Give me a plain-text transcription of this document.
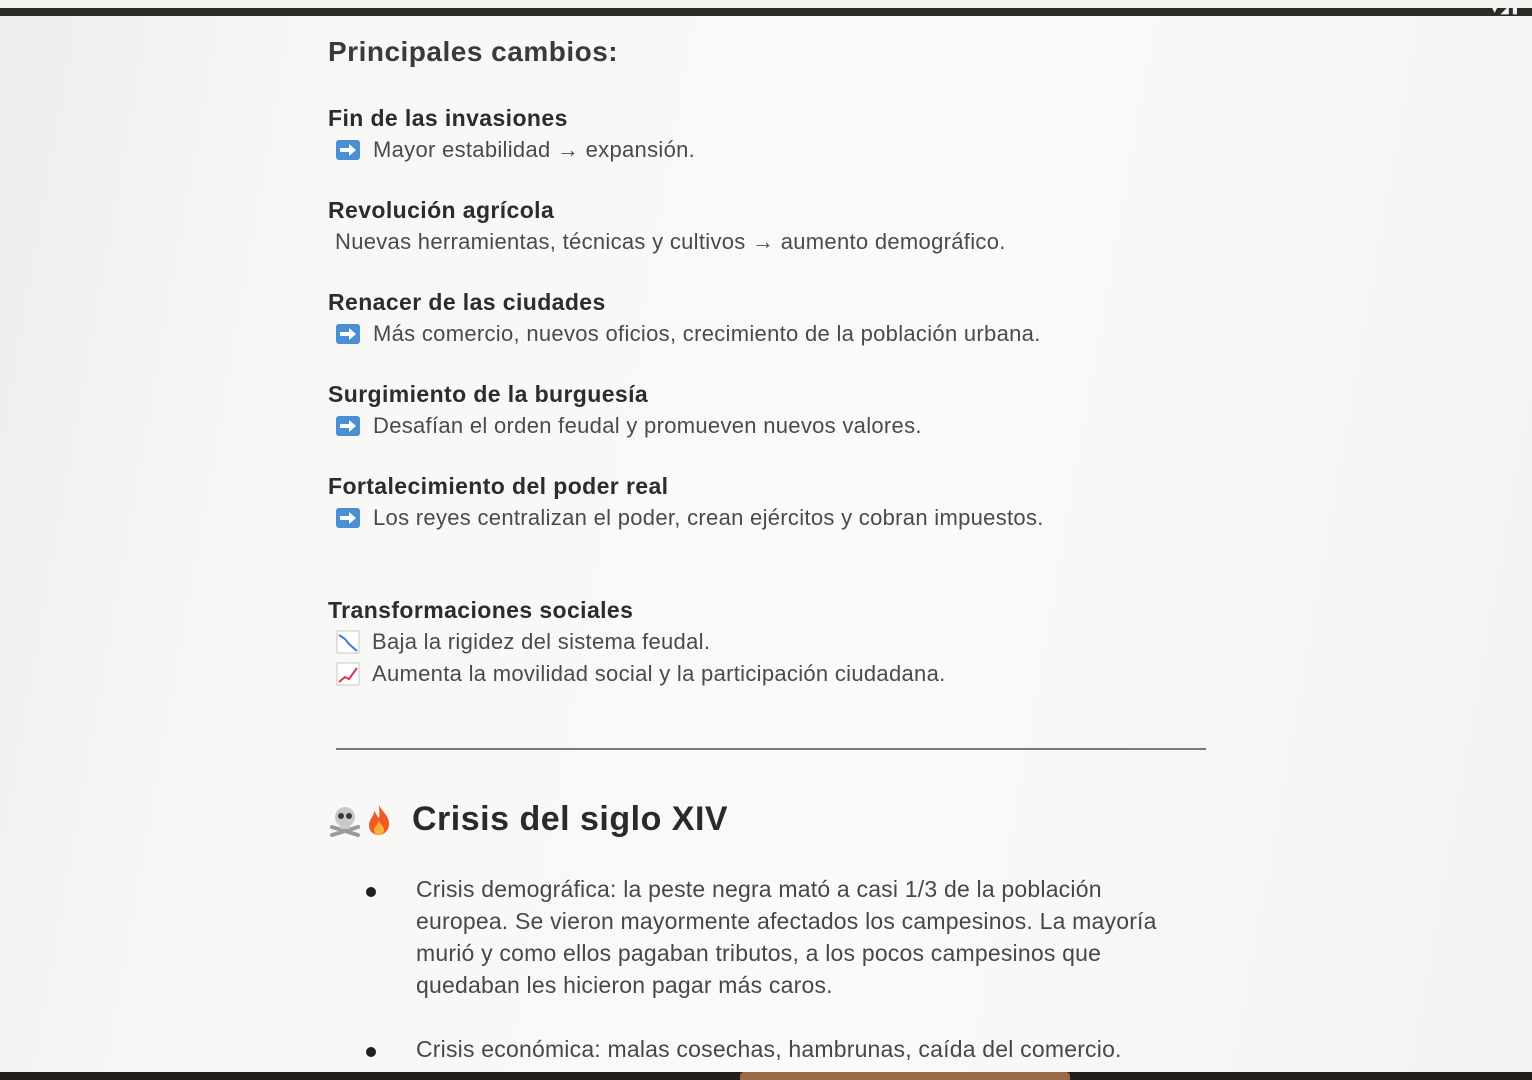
▾ ◢ ▮
Principales cambios:
Fin de las invasiones
Mayor estabilidad → expansión.
Revolución agrícola
Nuevas herramientas, técnicas y cultivos → aumento demográfico.
Renacer de las ciudades
Más comercio, nuevos oficios, crecimiento de la población urbana.
Surgimiento de la burguesía
Desafían el orden feudal y promueven nuevos valores.
Fortalecimiento del poder real
Los reyes centralizan el poder, crean ejércitos y cobran impuestos.
Transformaciones sociales
Baja la rigidez del sistema feudal.
Aumenta la movilidad social y la participación ciudadana.
Crisis del siglo XIV
Crisis demográfica: la peste negra mató a casi 1/3 de la población europea. Se vieron mayormente afectados los campesinos. La mayoría murió y como ellos pagaban tributos, a los pocos campesinos que quedaban les hicieron pagar más caros.
Crisis económica: malas cosechas, hambrunas, caída del comercio.
